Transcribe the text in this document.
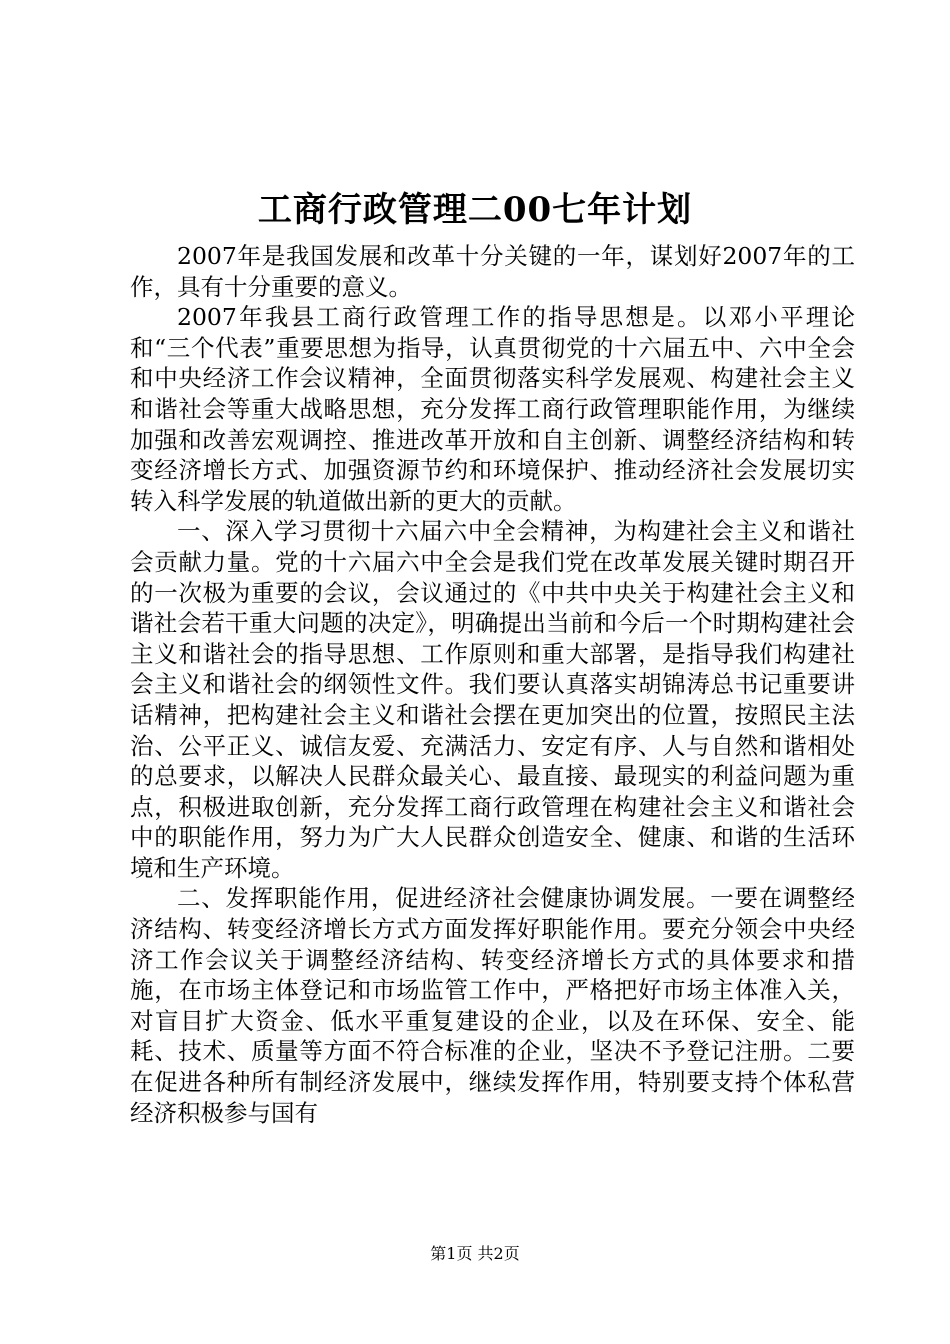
工商行政管理二00七年计划

2007年是我国发展和改革十分关键的一年，谋划好2007年的工作，具有十分重要的意义。

2007年我县工商行政管理工作的指导思想是。以邓小平理论和“三个代表”重要思想为指导，认真贯彻党的十六届五中、六中全会和中央经济工作会议精神，全面贯彻落实科学发展观、构建社会主义和谐社会等重大战略思想，充分发挥工商行政管理职能作用，为继续加强和改善宏观调控、推进改革开放和自主创新、调整经济结构和转变经济增长方式、加强资源节约和环境保护、推动经济社会发展切实转入科学发展的轨道做出新的更大的贡献。

一、深入学习贯彻十六届六中全会精神，为构建社会主义和谐社会贡献力量。党的十六届六中全会是我们党在改革发展关键时期召开的一次极为重要的会议，会议通过的《中共中央关于构建社会主义和谐社会若干重大问题的决定》，明确提出当前和今后一个时期构建社会主义和谐社会的指导思想、工作原则和重大部署，是指导我们构建社会主义和谐社会的纲领性文件。我们要认真落实胡锦涛总书记重要讲话精神，把构建社会主义和谐社会摆在更加突出的位置，按照民主法治、公平正义、诚信友爱、充满活力、安定有序、人与自然和谐相处的总要求，以解决人民群众最关心、最直接、最现实的利益问题为重点，积极进取创新，充分发挥工商行政管理在构建社会主义和谐社会中的职能作用，努力为广大人民群众创造安全、健康、和谐的生活环境和生产环境。

二、发挥职能作用，促进经济社会健康协调发展。一要在调整经济结构、转变经济增长方式方面发挥好职能作用。要充分领会中央经济工作会议关于调整经济结构、转变经济增长方式的具体要求和措施，在市场主体登记和市场监管工作中，严格把好市场主体准入关，对盲目扩大资金、低水平重复建设的企业，以及在环保、安全、能耗、技术、质量等方面不符合标准的企业，坚决不予登记注册。二要在促进各种所有制经济发展中，继续发挥作用，特别要支持个体私营经济积极参与国有

第1页 共2页
